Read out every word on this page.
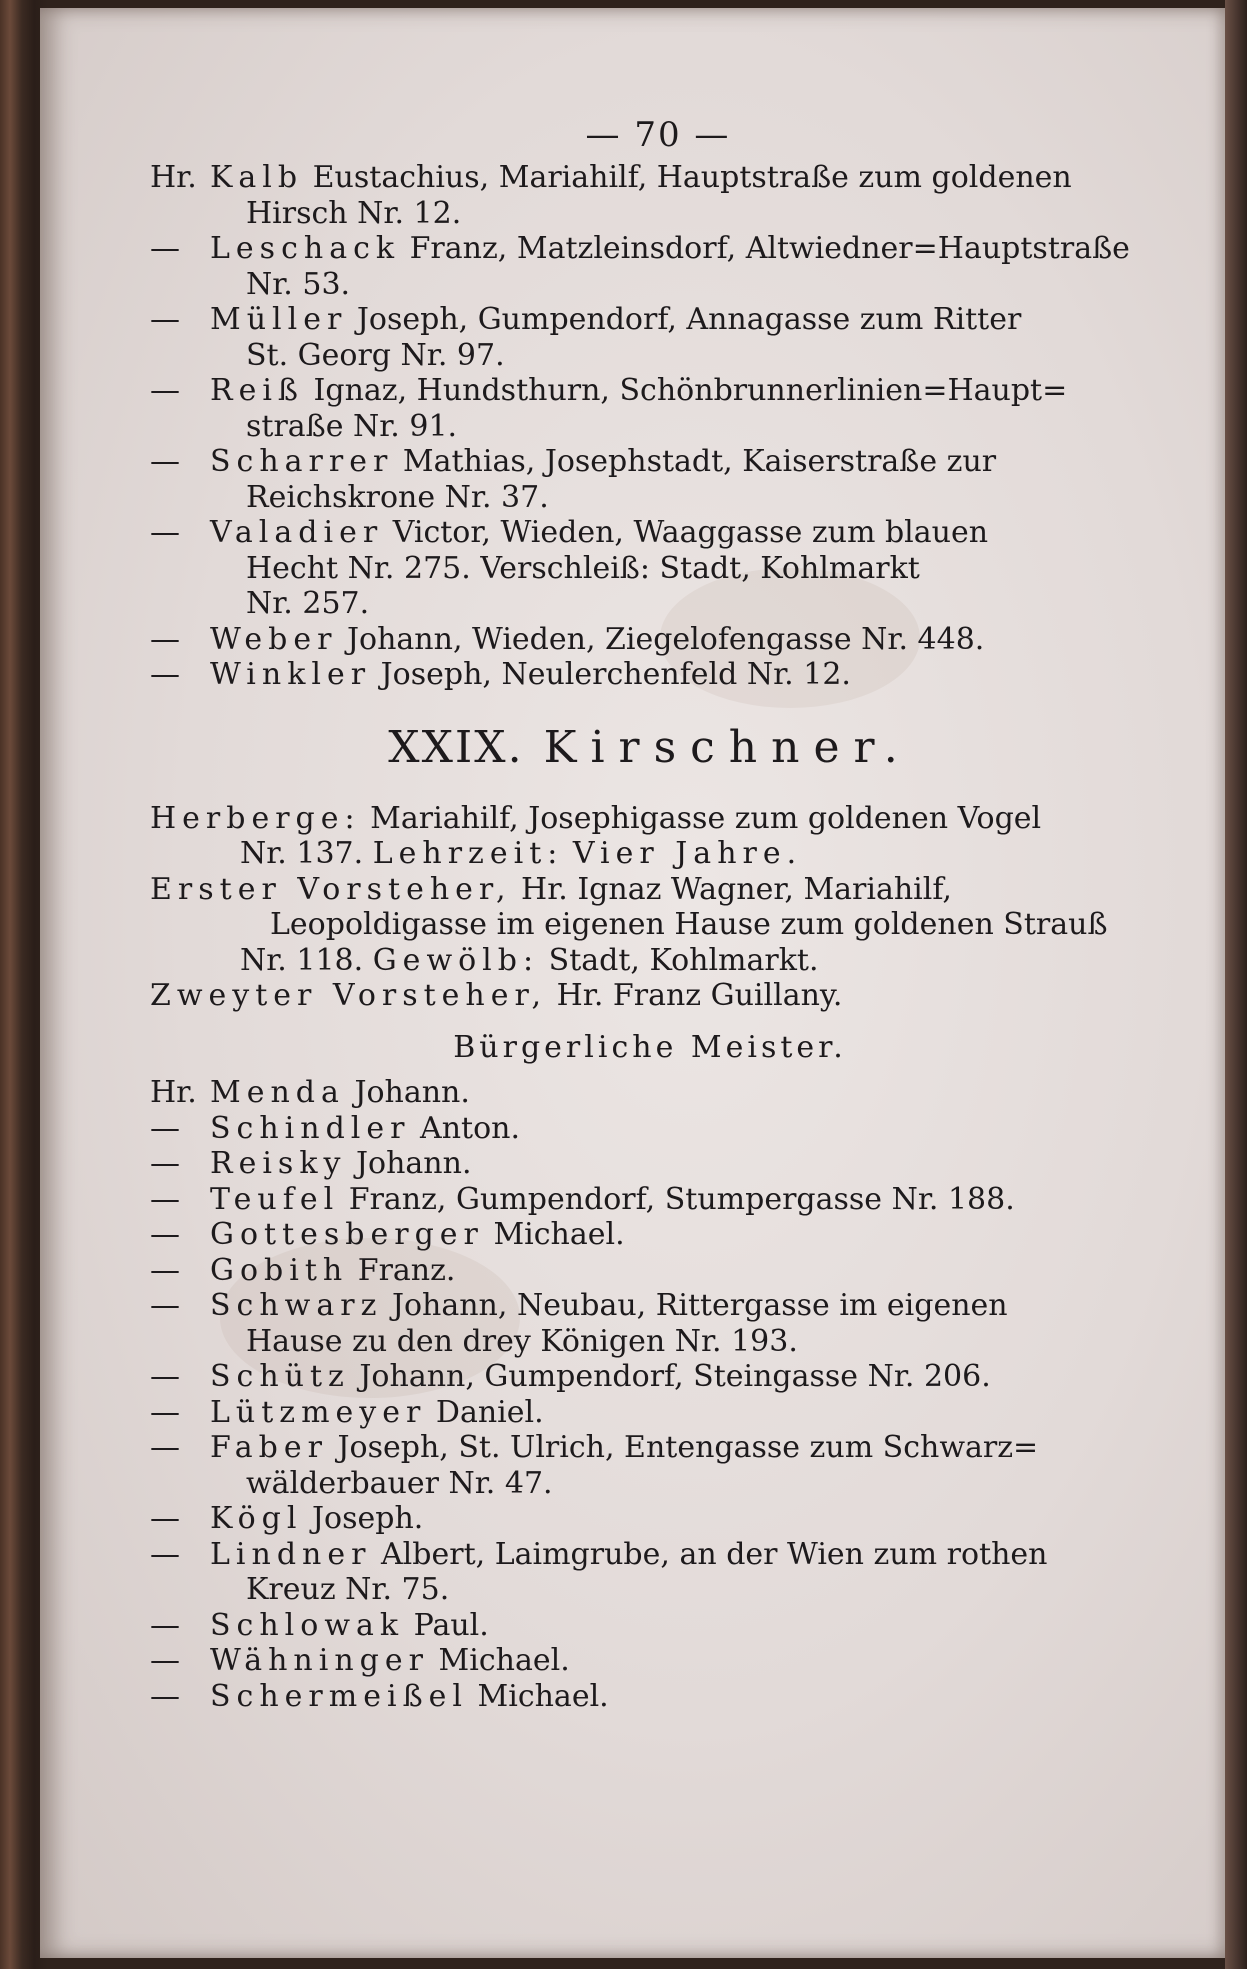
— 70 —
Hr. Kalb Eustachius, Mariahilf, Hauptstraße zum goldenen
Hirsch Nr. 12.
—	Leschack Franz, Matzleinsdorf, Altwiedner=Hauptstraße
Nr. 53.
—	Müller Joseph, Gumpendorf, Annagasse zum Ritter
St. Georg Nr. 97.
—	Reiß Ignaz, Hundsthurn, Schönbrunnerlinien=Haupt=
straße Nr. 91.
—	Scharrer Mathias, Josephstadt, Kaiserstraße zur
Reichskrone Nr. 37.
—	Valadier Victor, Wieden, Waaggasse zum blauen
Hecht Nr. 275. Verschleiß: Stadt, Kohlmarkt
Nr. 257.
—	Weber Johann, Wieden, Ziegelofengasse Nr. 448.
—	Winkler Joseph, Neulerchenfeld Nr. 12.
XXIX. Kirschner.
Herberge: Mariahilf, Josephigasse zum goldenen Vogel
Nr. 137. Lehrzeit: Vier Jahre.
Erster Vorsteher, Hr. Ignaz Wagner, Mariahilf,
Leopoldigasse im eigenen Hause zum goldenen Strauß
Nr. 118. Gewölb: Stadt, Kohlmarkt.
Zweyter Vorsteher, Hr. Franz Guillany.
Bürgerliche Meister.
Hr. Menda Johann.
—	Schindler Anton.
—	Reisky Johann.
—	Teufel Franz, Gumpendorf, Stumpergasse Nr. 188.
—	Gottesberger Michael.
—	Gobith Franz.
—	Schwarz Johann, Neubau, Rittergasse im eigenen
Hause zu den drey Königen Nr. 193.
—	Schütz Johann, Gumpendorf, Steingasse Nr. 206.
—	Lützmeyer Daniel.
—	Faber Joseph, St. Ulrich, Entengasse zum Schwarz=
wälderbauer Nr. 47.
—	Kögl Joseph.
—	Lindner Albert, Laimgrube, an der Wien zum rothen
Kreuz Nr. 75.
—	Schlowak Paul.
—	Wähninger Michael.
—	Schermeißel Michael.
